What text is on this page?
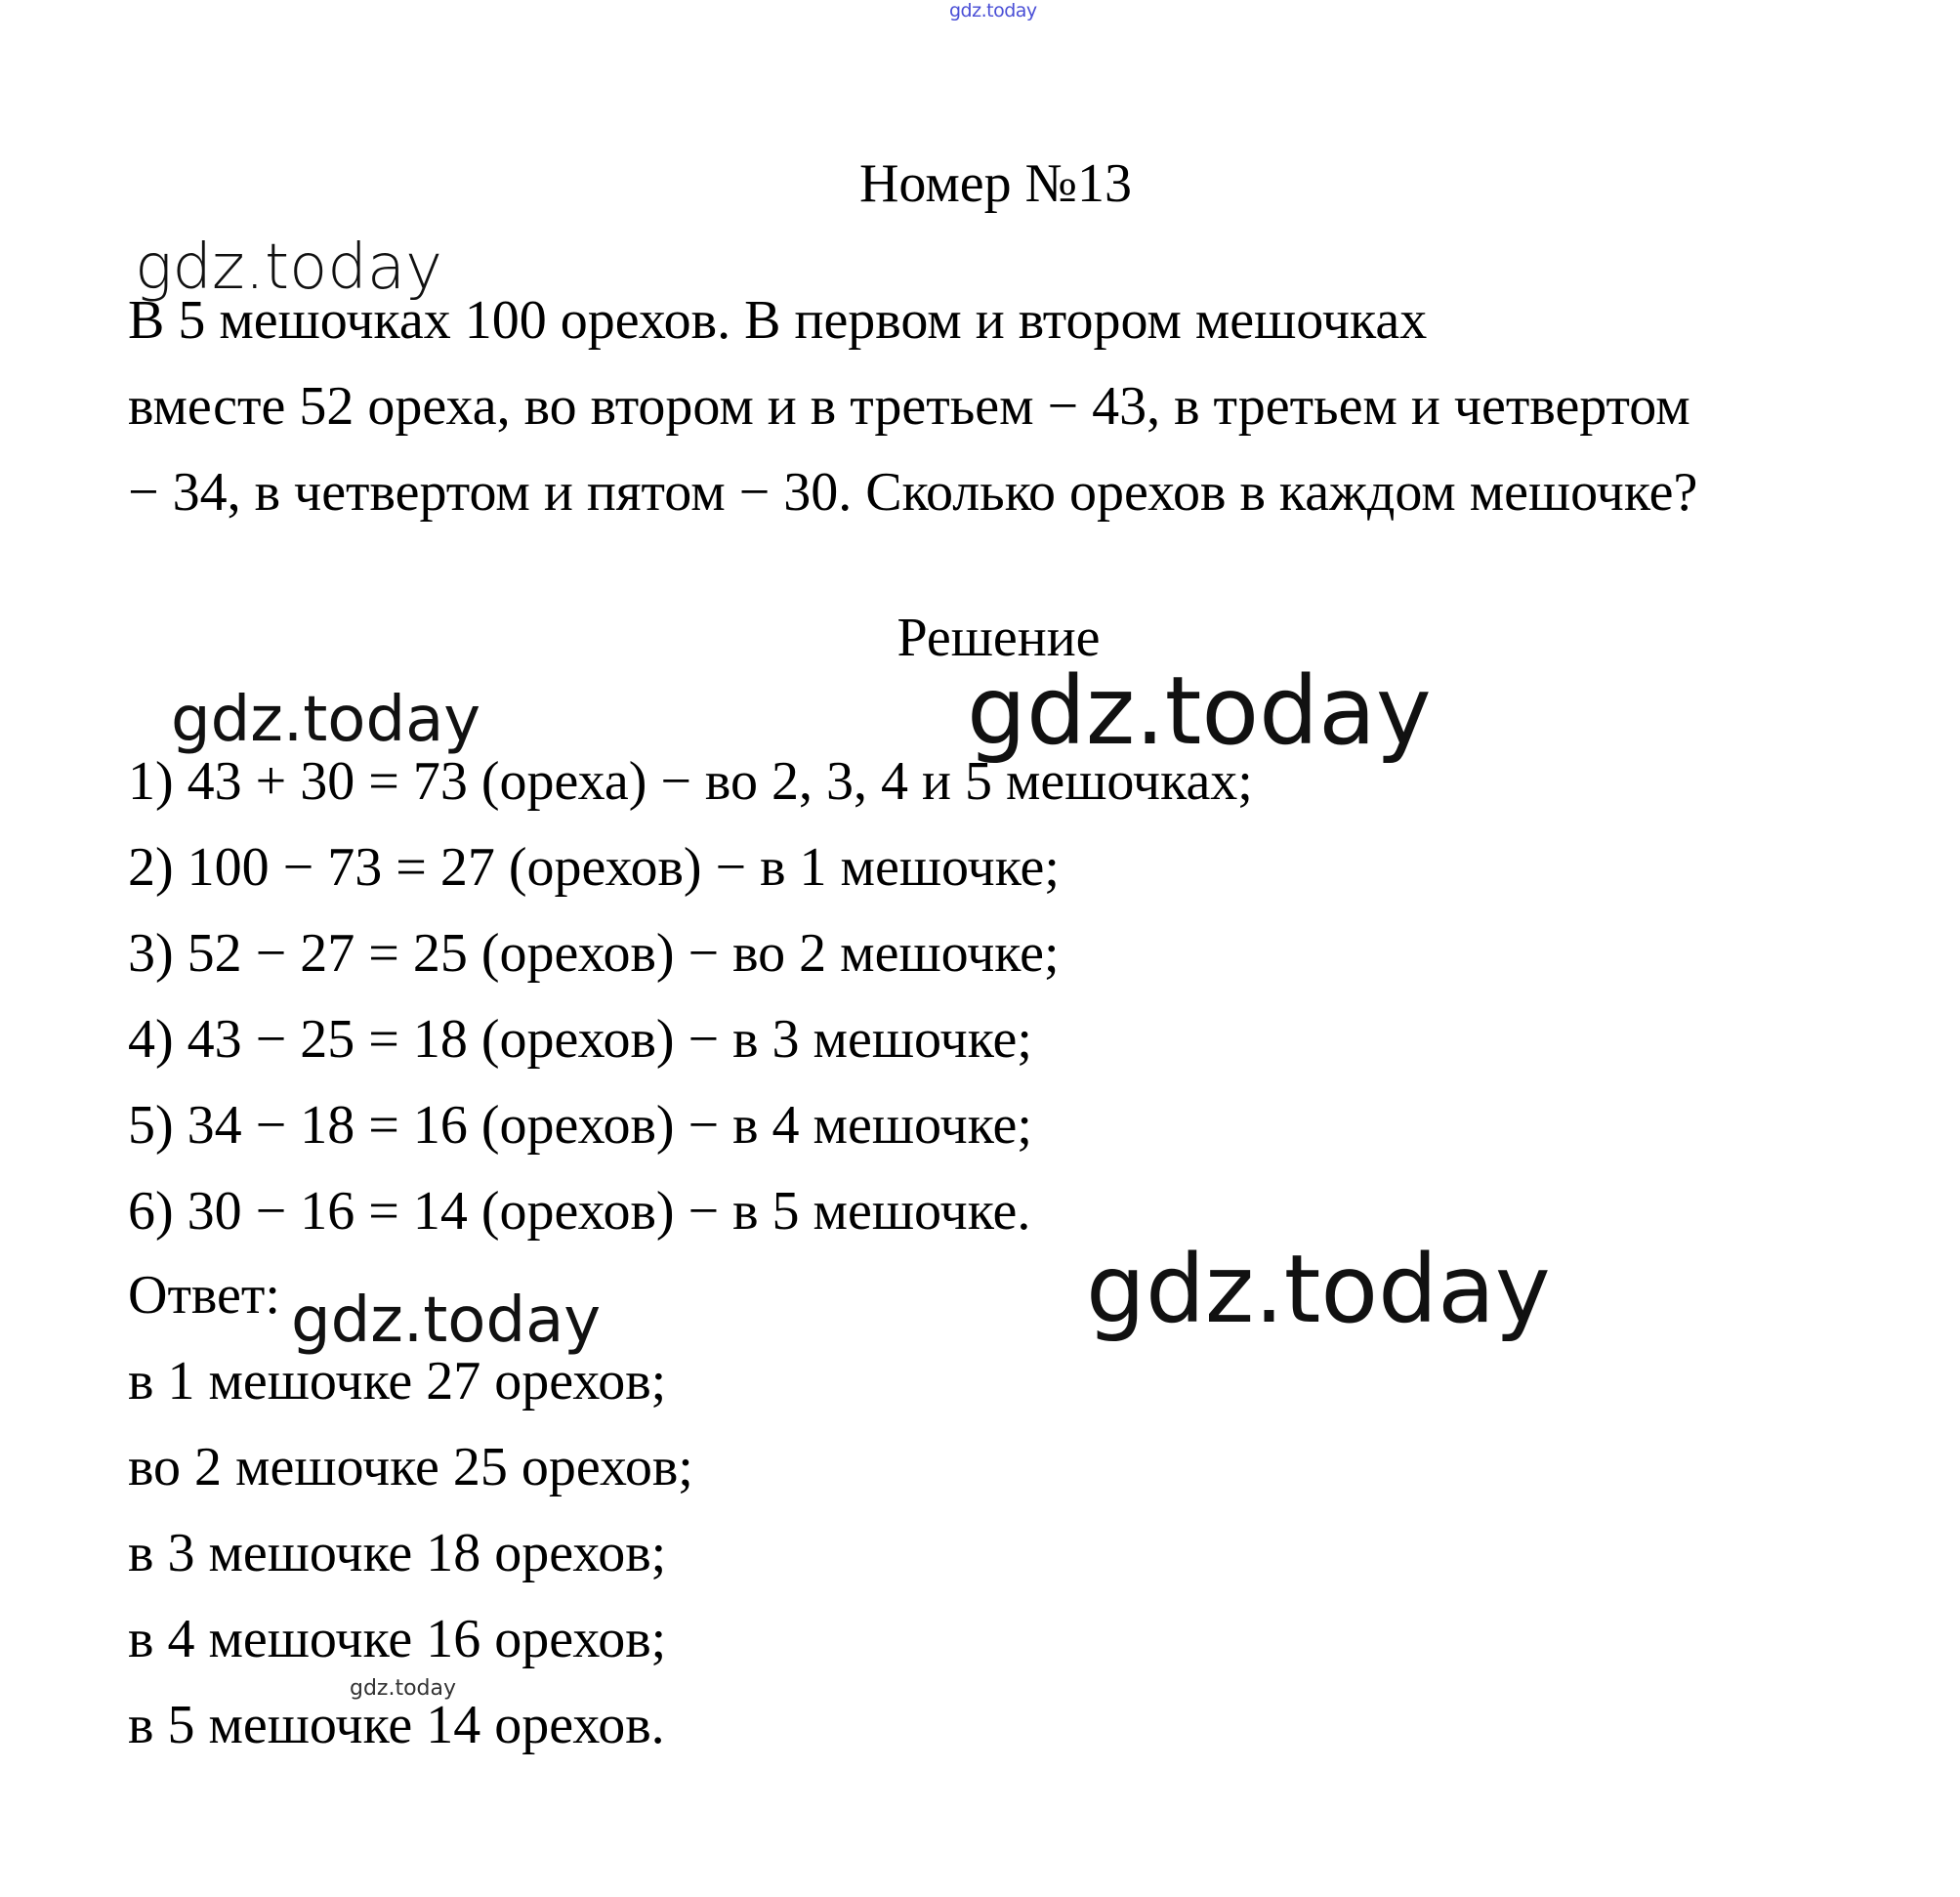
gdz.today
Номер №13
gdz.today
В 5 мешочках 100 орехов. В первом и втором мешочках
вместе 52 ореха, во втором и в третьем − 43, в третьем и четвертом
− 34, в четвертом и пятом − 30. Сколько орехов в каждом мешочке?
Решение
gdz.today	gdz.today
1) 43 + 30 = 73 (ореха) − во 2, 3, 4 и 5 мешочках;
2) 100 − 73 = 27 (орехов) − в 1 мешочке;
3) 52 − 27 = 25 (орехов) − во 2 мешочке;
4) 43 − 25 = 18 (орехов) − в 3 мешочке;
5) 34 − 18 = 16 (орехов) − в 4 мешочке;
6) 30 − 16 = 14 (орехов) − в 5 мешочке.
Ответ:	gdz.today
gdz.today
в 1 мешочке 27 орехов;
во 2 мешочке 25 орехов;
в 3 мешочке 18 орехов;
в 4 мешочке 16 орехов;
gdz.today
в 5 мешочке 14 орехов.
